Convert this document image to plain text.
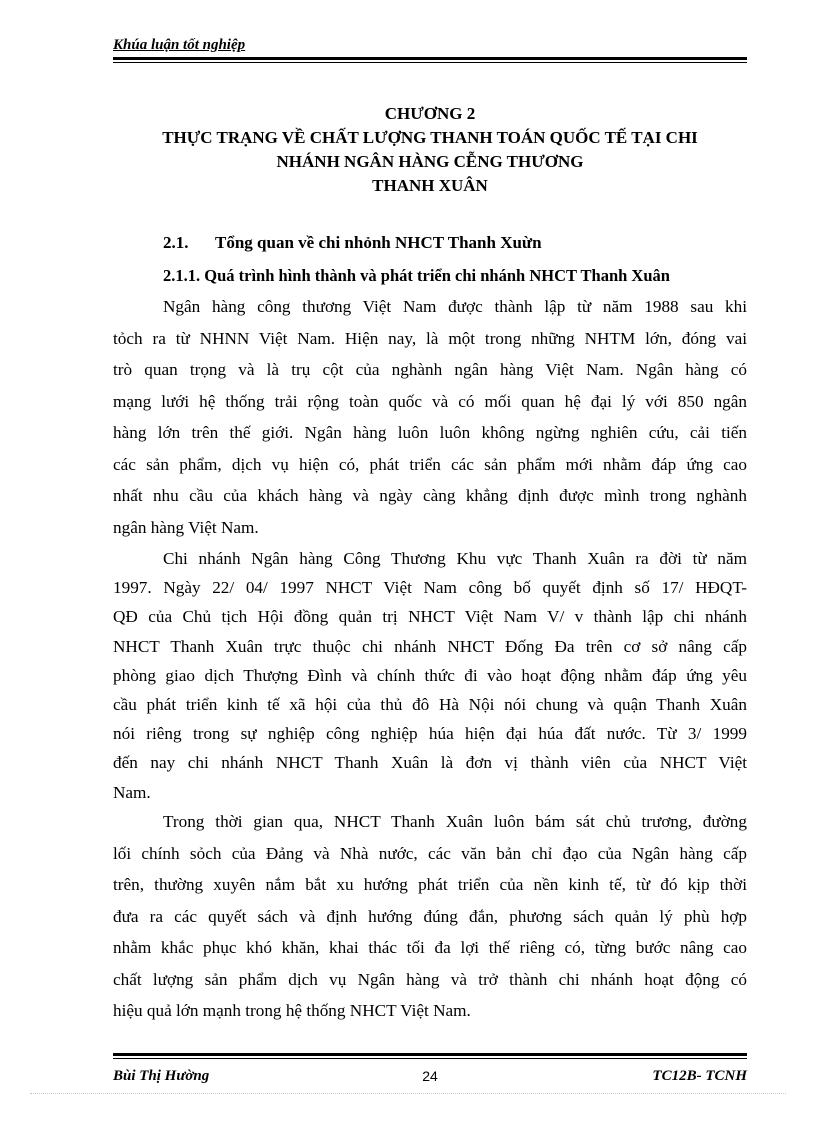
Khúa luận tốt nghiệp
CHƯƠNG 2
THỰC TRẠNG VỀ CHẤT LƯỢNG THANH TOÁN QUỐC TẾ TẠI CHI
NHÁNH NGÂN HÀNG CỄNG THƯƠNG
THANH XUÂN
2.1. Tổng quan về chi nhỏnh NHCT Thanh Xuừn
2.1.1. Quá trình hình thành và phát triển chi nhánh NHCT Thanh Xuân
Ngân hàng công thương Việt Nam được thành lập từ năm 1988 sau khi
tỏch ra từ NHNN Việt Nam. Hiện nay, là một trong những NHTM lớn, đóng vai
trò quan trọng và là trụ cột của nghành ngân hàng Việt Nam. Ngân hàng có
mạng lưới hệ thống trải rộng toàn quốc và có mối quan hệ đại lý với 850 ngân
hàng lớn trên thế giới. Ngân hàng luôn luôn không ngừng nghiên cứu, cải tiến
các sản phẩm, dịch vụ hiện có, phát triển các sản phẩm mới nhằm đáp ứng cao
nhất nhu cầu của khách hàng và ngày càng khẳng định được mình trong nghành
ngân hàng Việt Nam.
Chi nhánh Ngân hàng Công Thương Khu vực Thanh Xuân ra đời từ năm
1997. Ngày 22/ 04/ 1997 NHCT Việt Nam công bố quyết định số 17/ HĐQT-
QĐ của Chủ tịch Hội đồng quản trị NHCT Việt Nam V/ v thành lập chi nhánh
NHCT Thanh Xuân trực thuộc chi nhánh NHCT Đống Đa trên cơ sở nâng cấp
phòng giao dịch Thượng Đình và chính thức đi vào hoạt động nhằm đáp ứng yêu
cầu phát triển kinh tế xã hội của thủ đô Hà Nội nói chung và quận Thanh Xuân
nói riêng trong sự nghiệp công nghiệp húa hiện đại húa đất nước. Từ 3/ 1999
đến nay chi nhánh NHCT Thanh Xuân là đơn vị thành viên của NHCT Việt
Nam.
Trong thời gian qua, NHCT Thanh Xuân luôn bám sát chủ trương, đường
lối chính sỏch của Đảng và Nhà nước, các văn bản chỉ đạo của Ngân hàng cấp
trên, thường xuyên nắm bắt xu hướng phát triển của nền kinh tế, từ đó kịp thời
đưa ra các quyết sách và định hướng đúng đắn, phương sách quản lý phù hợp
nhằm khắc phục khó khăn, khai thác tối đa lợi thế riêng có, từng bước nâng cao
Bùi Thị Hường	24	TC12B- TCNH
chất lượng sản phẩm dịch vụ Ngân hàng và trở thành chi nhánh hoạt động có
hiệu quả lớn mạnh trong hệ thống NHCT Việt Nam.
